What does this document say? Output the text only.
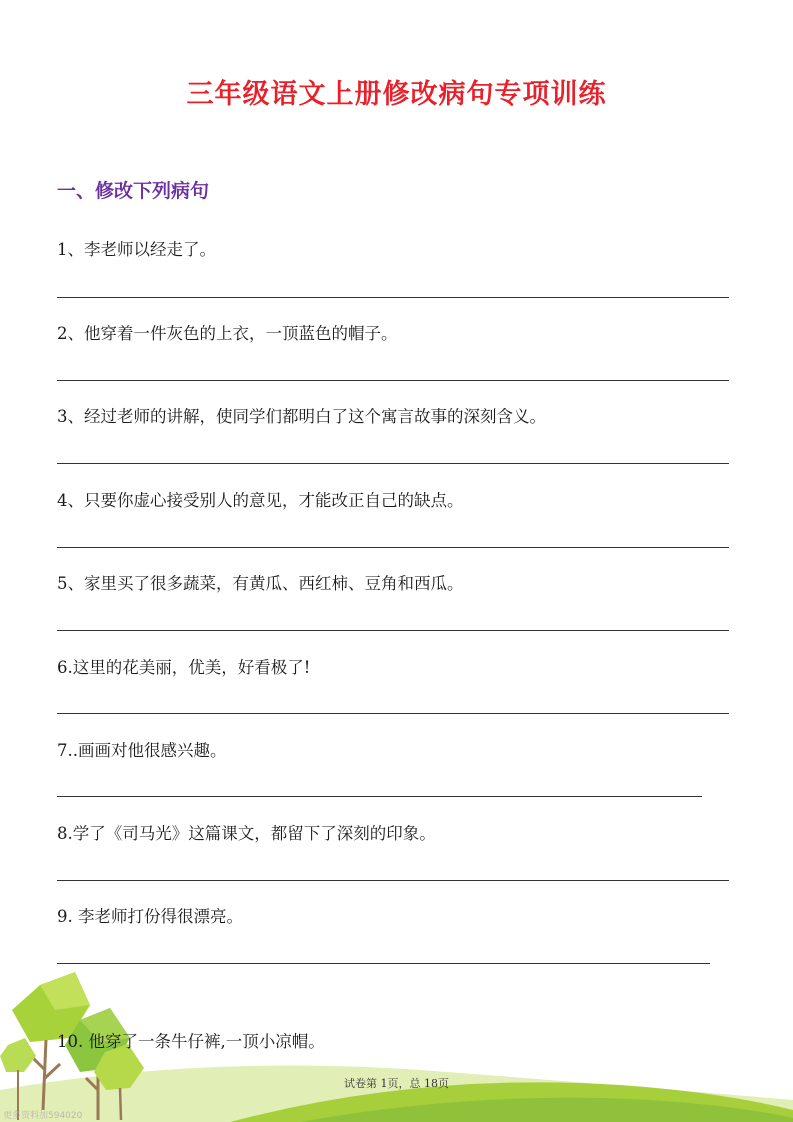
三年级语文上册修改病句专项训练
一、修改下列病句
1、李老师以经走了。
2、他穿着一件灰色的上衣，一顶蓝色的帽子。
3、经过老师的讲解，使同学们都明白了这个寓言故事的深刻含义。
4、只要你虚心接受别人的意见，才能改正自己的缺点。
5、家里买了很多蔬菜，有黄瓜、西红柿、豆角和西瓜。
6.这里的花美丽，优美，好看极了!
7..画画对他很感兴趣。
8.学了《司马光》这篇课文，都留下了深刻的印象。
9. 李老师打份得很漂亮。
10. 他穿了一条牛仔裤,一顶小凉帽。
试卷第 1页，总 18页
更多资料加594020
